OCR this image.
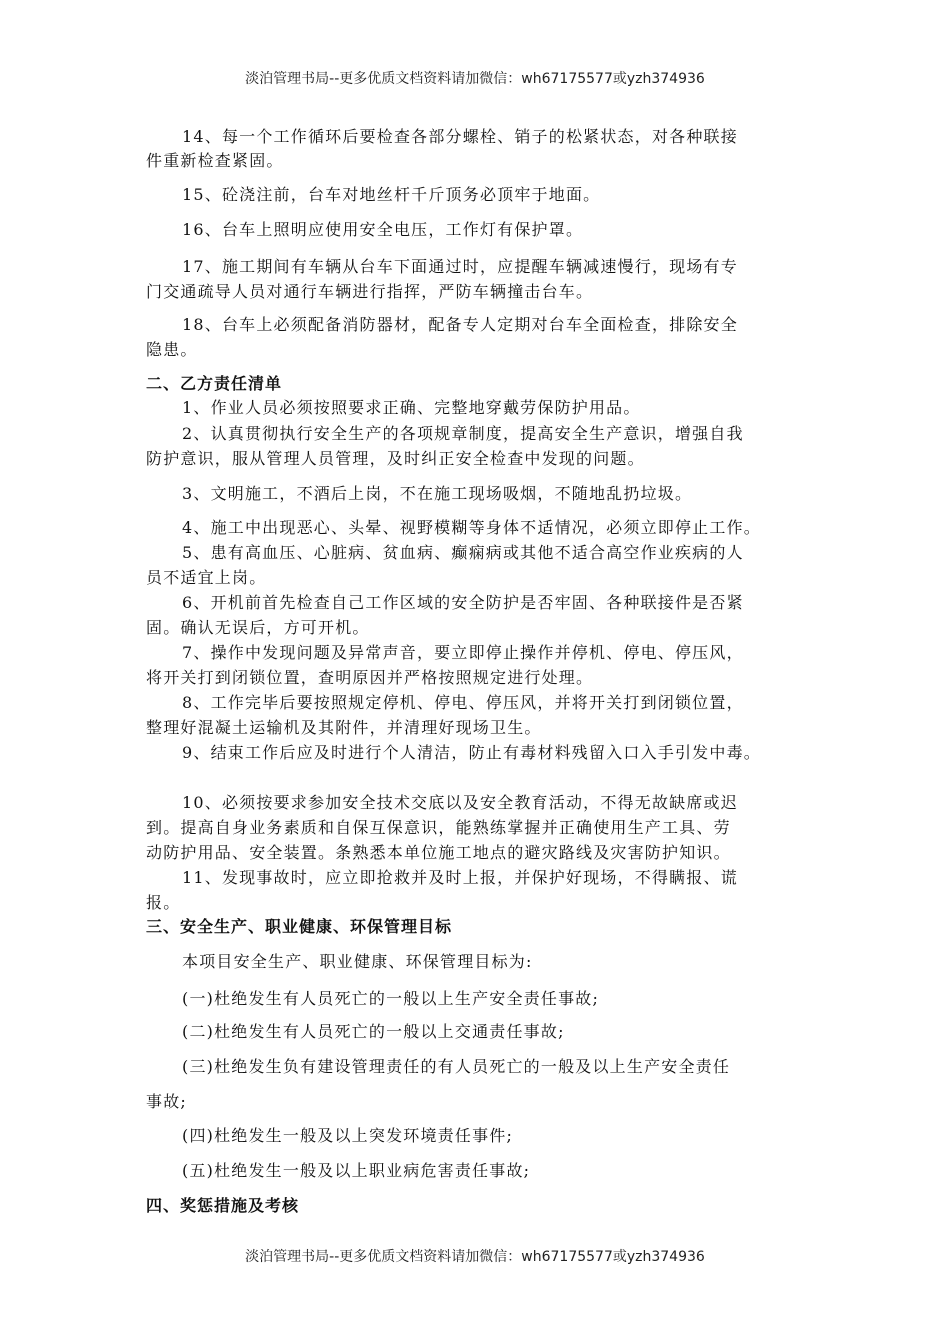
淡泊管理书局--更多优质文档资料请加微信：wh67175577或yzh374936
14、每一个工作循环后要检查各部分螺栓、销子的松紧状态，对各种联接
件重新检查紧固。
15、砼浇注前，台车对地丝杆千斤顶务必顶牢于地面。
16、台车上照明应使用安全电压，工作灯有保护罩。
17、施工期间有车辆从台车下面通过时，应提醒车辆减速慢行，现场有专
门交通疏导人员对通行车辆进行指挥，严防车辆撞击台车。
18、台车上必须配备消防器材，配备专人定期对台车全面检查，排除安全
隐患。
二、乙方责任清单
1、作业人员必须按照要求正确、完整地穿戴劳保防护用品。
2、认真贯彻执行安全生产的各项规章制度，提高安全生产意识，增强自我
防护意识，服从管理人员管理，及时纠正安全检查中发现的问题。
3、文明施工，不酒后上岗，不在施工现场吸烟，不随地乱扔垃圾。
4、施工中出现恶心、头晕、视野模糊等身体不适情况，必须立即停止工作。
5、患有高血压、心脏病、贫血病、癫痫病或其他不适合高空作业疾病的人
员不适宜上岗。
6、开机前首先检查自己工作区域的安全防护是否牢固、各种联接件是否紧
固。确认无误后，方可开机。
7、操作中发现问题及异常声音，要立即停止操作并停机、停电、停压风，
将开关打到闭锁位置，查明原因并严格按照规定进行处理。
8、工作完毕后要按照规定停机、停电、停压风，并将开关打到闭锁位置，
整理好混凝土运输机及其附件，并清理好现场卫生。
9、结束工作后应及时进行个人清洁，防止有毒材料残留入口入手引发中毒。
10、必须按要求参加安全技术交底以及安全教育活动，不得无故缺席或迟
到。提高自身业务素质和自保互保意识，能熟练掌握并正确使用生产工具、劳
动防护用品、安全装置。条熟悉本单位施工地点的避灾路线及灾害防护知识。
11、发现事故时，应立即抢救并及时上报，并保护好现场，不得瞒报、谎
报。
三、安全生产、职业健康、环保管理目标
本项目安全生产、职业健康、环保管理目标为:
(一)杜绝发生有人员死亡的一般以上生产安全责任事故;
(二)杜绝发生有人员死亡的一般以上交通责任事故;
(三)杜绝发生负有建设管理责任的有人员死亡的一般及以上生产安全责任
事故;
(四)杜绝发生一般及以上突发环境责任事件;
(五)杜绝发生一般及以上职业病危害责任事故;
四、奖惩措施及考核
淡泊管理书局--更多优质文档资料请加微信：wh67175577或yzh374936
